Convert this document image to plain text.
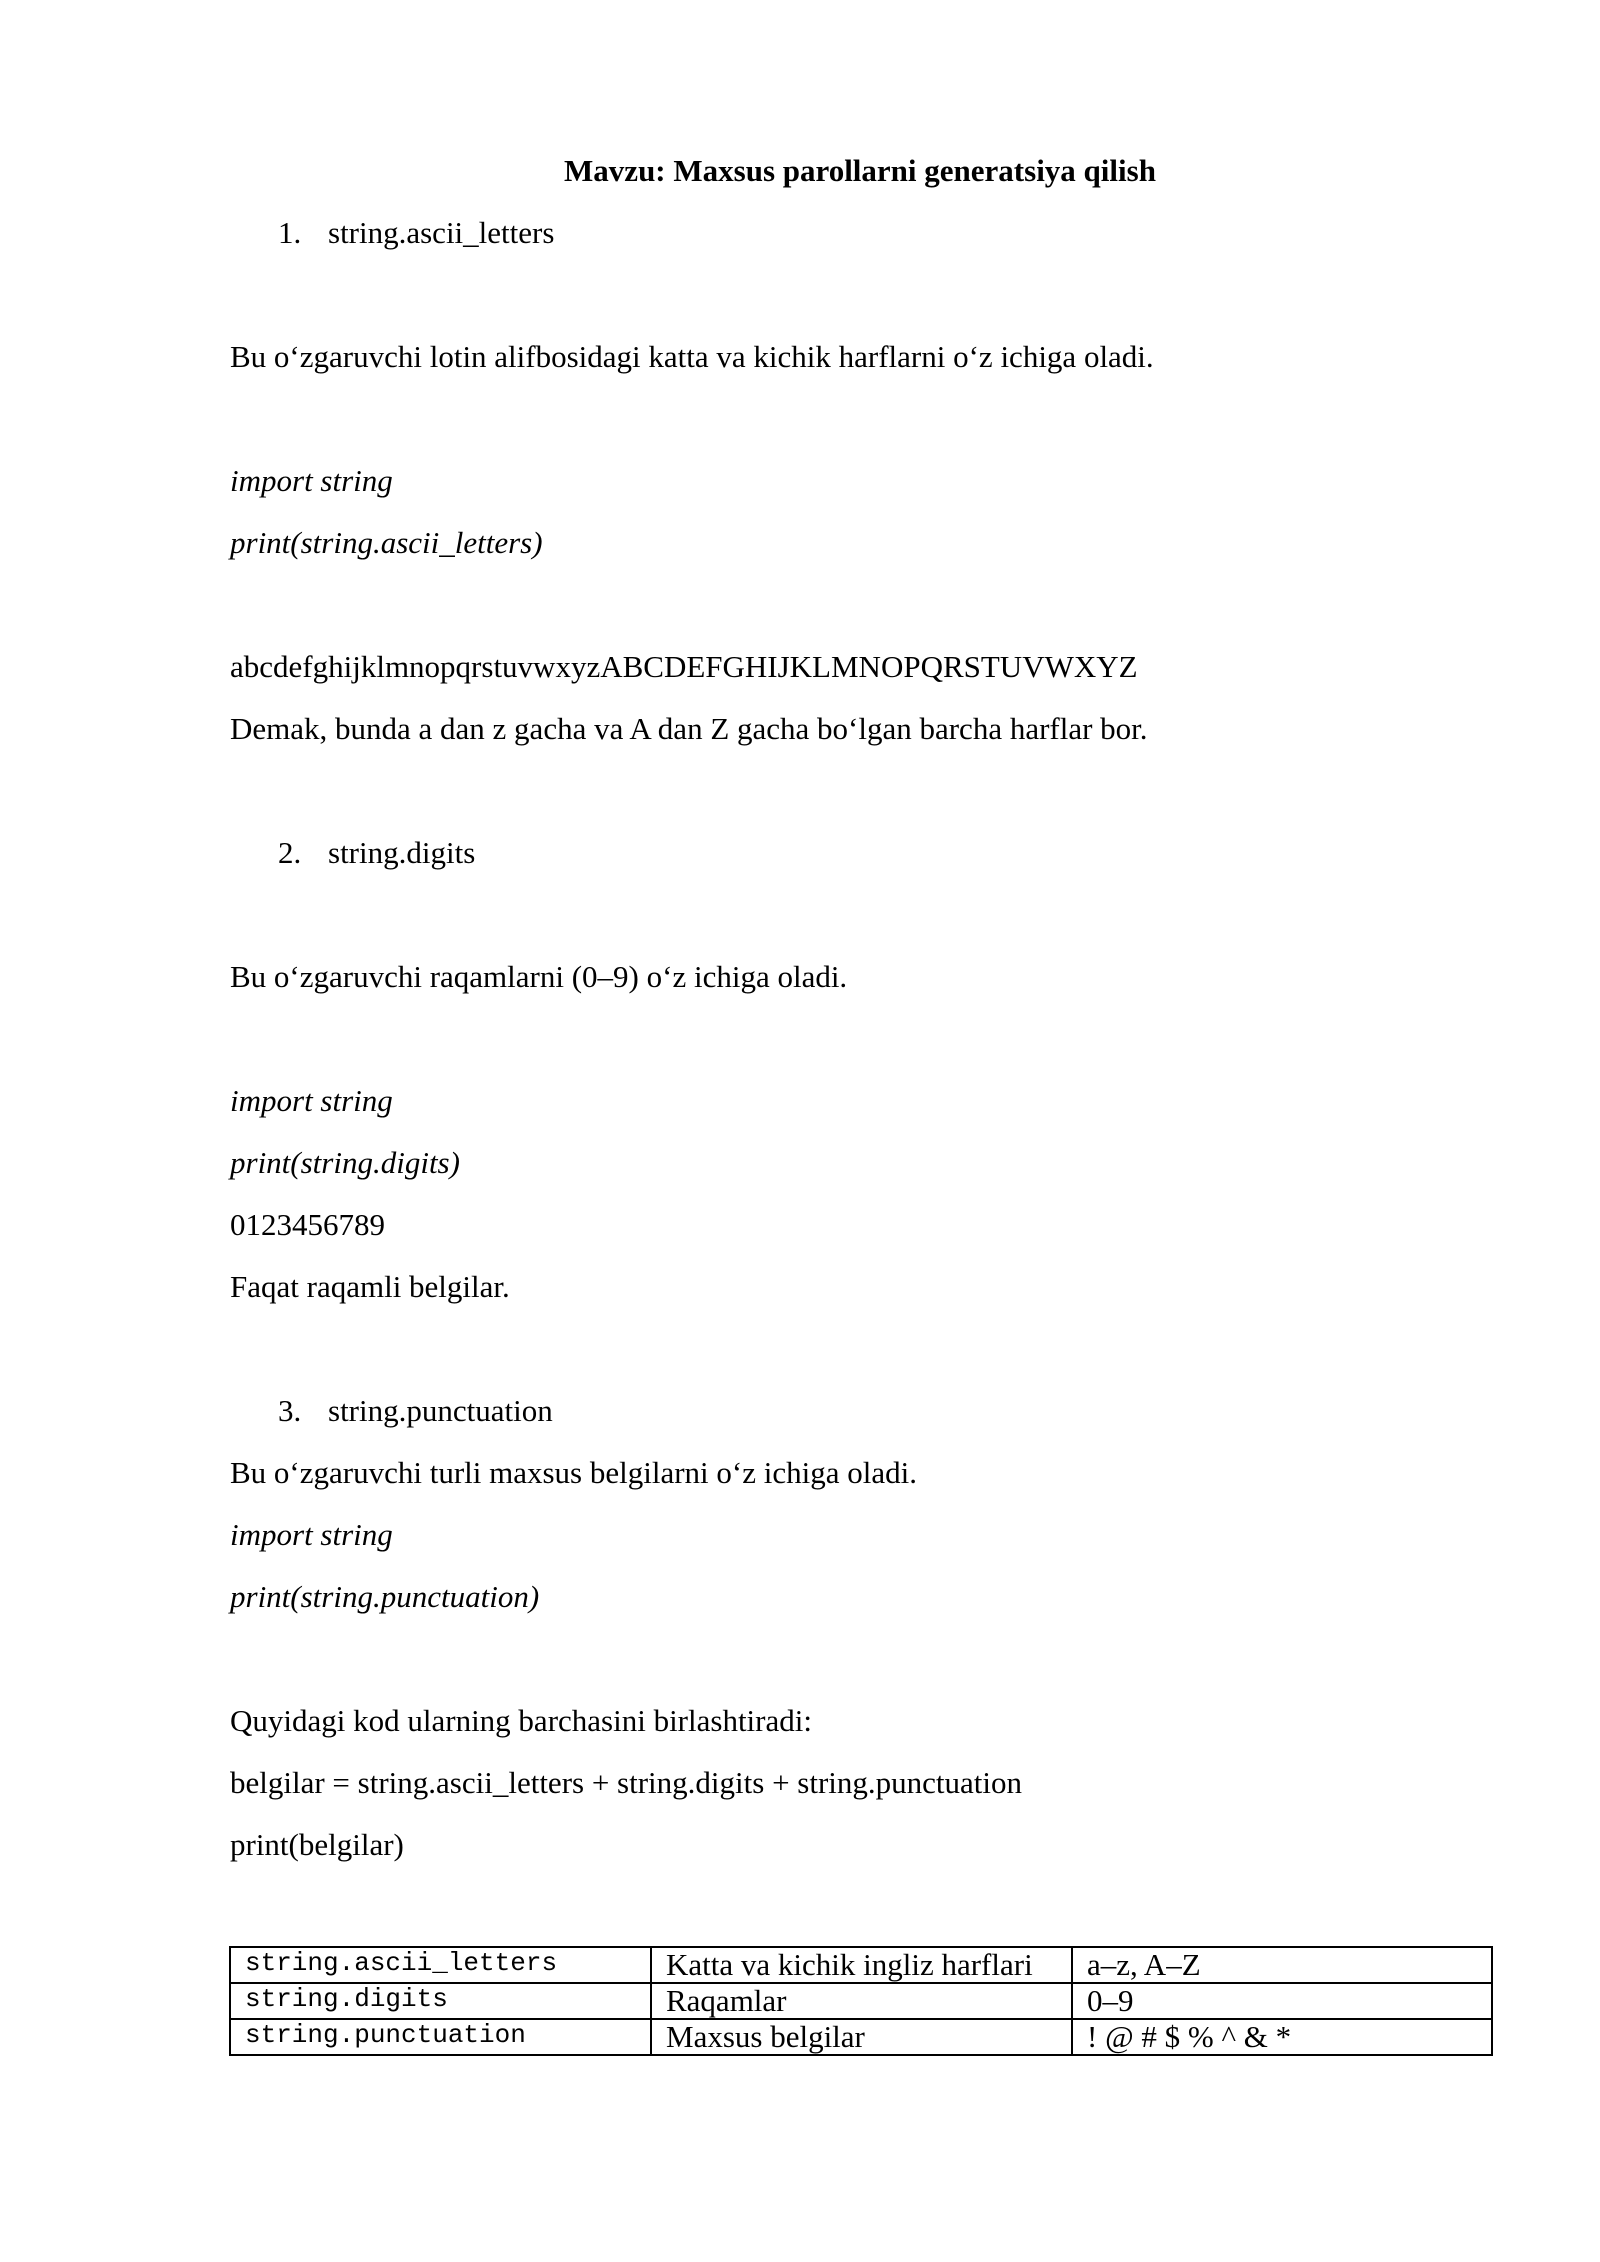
Mavzu: Maxsus parollarni generatsiya qilish
1. string.ascii_letters
Bu o‘zgaruvchi lotin alifbosidagi katta va kichik harflarni o‘z ichiga oladi.
import string
print(string.ascii_letters)
abcdefghijklmnopqrstuvwxyzABCDEFGHIJKLMNOPQRSTUVWXYZ
Demak, bunda a dan z gacha va A dan Z gacha bo‘lgan barcha harflar bor.
2. string.digits
Bu o‘zgaruvchi raqamlarni (0–9) o‘z ichiga oladi.
import string
print(string.digits)
0123456789
Faqat raqamli belgilar.
3. string.punctuation
Bu o‘zgaruvchi turli maxsus belgilarni o‘z ichiga oladi.
import string
print(string.punctuation)
Quyidagi kod ularning barchasini birlashtiradi:
belgilar = string.ascii_letters + string.digits + string.punctuation
print(belgilar)
string.ascii_letters	Katta va kichik ingliz harflari	a–z, A–Z
string.digits	Raqamlar	0–9
string.punctuation	Maxsus belgilar	! @ # $ % ^ & *
